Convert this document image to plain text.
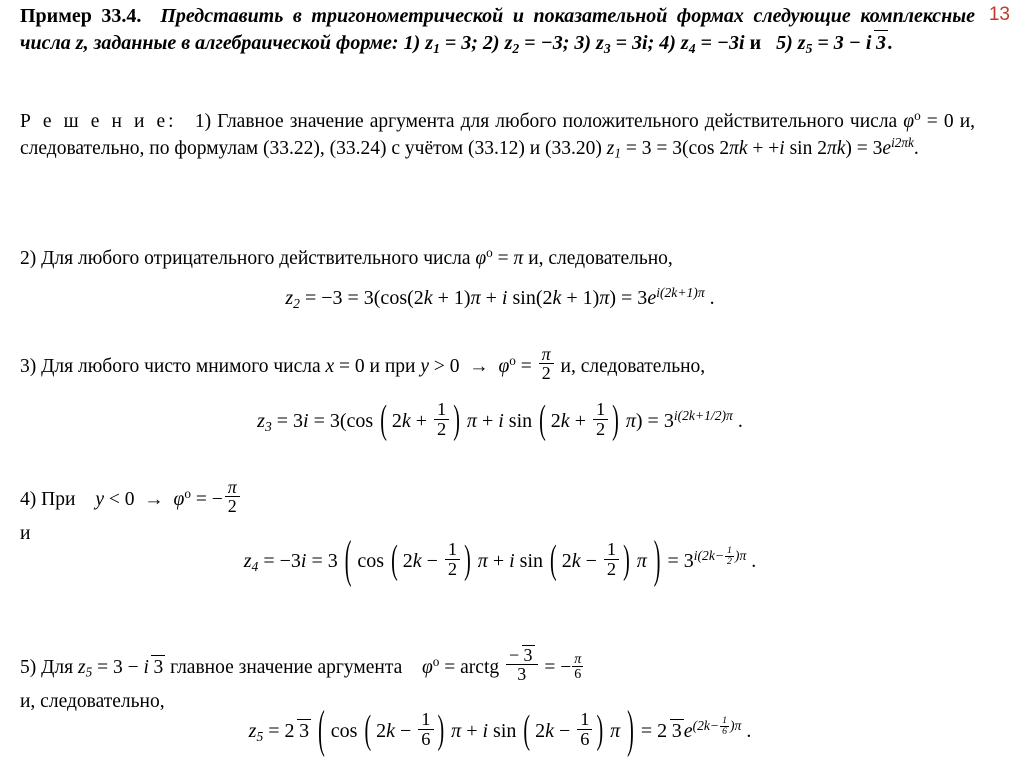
13
Пример 33.4.  Представить в тригонометрической и показательной формах следующие комплексные числа z, заданные в алгебраической форме: 1) $z_1 = 3$; 2) $z_2 = -3$; 3) $z_3 = 3i$; 4) $z_4 = -3i$ и   5) $z_5 = 3 - i$ 3 .
Р е ш е н и е:   1) Главное значение аргумента для любого положительного действительного числа $\varphi^o = 0$ и, следовательно, по формулам (33.22), (33.24) с учётом (33.12) и (33.20) $z_1 = 3 = 3(\cos$ 2πk + +i $\sin 2\pi k) = 3e^{i2\pi k}$.
2) Для любого отрицательного действительного числа $\varphi^o = \pi$ и, следовательно,
$z_2 = -3 = 3(\cos(2k + 1)\pi + i$ $\sin(2k + 1)\pi) = 3e^{i(2k+1)\pi}$ .
3) Для любого чисто мнимого числа x = 0 и при $y > 0 \to \varphi^o = \frac{\pi}{2} и$, следовательно,
$z_3 = 3i = 3(\cos$ ( $2k + \frac{1}{2}$ ) π + i sin ( $2k + \frac{1}{2}$ ) $\pi) = 3^{i(2k+1/2)\pi}$ .
4) При $y < 0 \to \varphi^o$ = − $\frac{\pi}{2}$
и
$z_4 = -3i = 3$ ( cos ( $2k - \frac{1}{2}$ ) π + i sin ( $2k - \frac{1}{2}$ ) π ) = $3^{i(2k- \frac{1}{2} )\pi}$ .
5) Для $z_5 = 3 - i$ 3 главное значение аргумента  $\varphi^o$ = arctg $\frac{- 3}{3}$ = − $\frac{\pi}{6}$
и, следовательно,
$z_5 = 2$ 3 ( cos ( $2k - \frac{1}{6}$ ) π + i sin ( $2k - \frac{1}{6}$ ) π ) = 2 3 $e^{(2k- \frac{1}{6} )\pi}$ .
